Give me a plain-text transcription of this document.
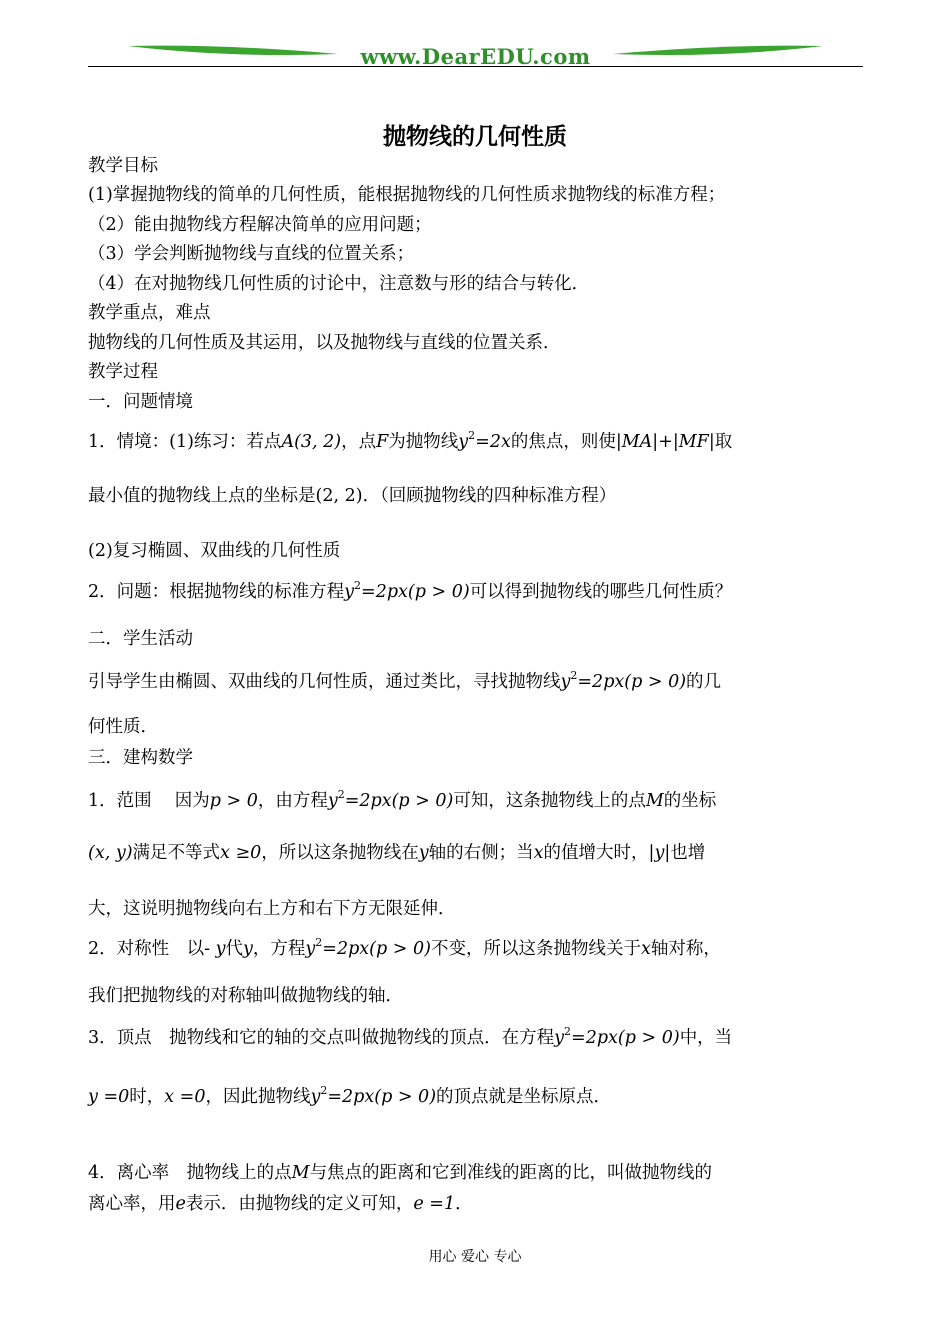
www.DearEDU.com
抛物线的几何性质
教学目标
(1)掌握抛物线的简单的几何性质，能根据抛物线的几何性质求抛物线的标准方程；
（2）能由抛物线方程解决简单的应用问题；
（3）学会判断抛物线与直线的位置关系；
（4）在对抛物线几何性质的讨论中，注意数与形的结合与转化．
教学重点，难点
抛物线的几何性质及其运用，以及抛物线与直线的位置关系．
教学过程
一．问题情境
1．情境：(1)练习：若点A(3, 2)，点F为抛物线$y^2=2x$的焦点，则使|MA|+|MF|取
最小值的抛物线上点的坐标是(2, 2)．（回顾抛物线的四种标准方程）
(2)复习椭圆、双曲线的几何性质
2．问题：根据抛物线的标准方程$y^2=2px(p > 0)$可以得到抛物线的哪些几何性质？
二．学生活动
引导学生由椭圆、双曲线的几何性质，通过类比，寻找抛物线$y^2=2px(p > 0)$的几
何性质．
三．建构数学
1．范围　 因为p > 0，由方程$y^2=2px(p > 0)$可知，这条抛物线上的点M的坐标
(x, y)满足不等式x ≥0，所以这条抛物线在y轴的右侧；当x的值增大时，|y|也增
大，这说明抛物线向右上方和右下方无限延伸．
2．对称性　以- y代y，方程$y^2=2px(p > 0)$不变，所以这条抛物线关于x轴对称，
我们把抛物线的对称轴叫做抛物线的轴．
3．顶点　抛物线和它的轴的交点叫做抛物线的顶点．在方程$y^2=2px(p > 0)$中，当
y =0时，x =0，因此抛物线$y^2=2px(p > 0)$的顶点就是坐标原点．
4．离心率　抛物线上的点M与焦点的距离和它到准线的距离的比，叫做抛物线的
离心率，用e表示．由抛物线的定义可知，e =1．
用心 爱心 专心
